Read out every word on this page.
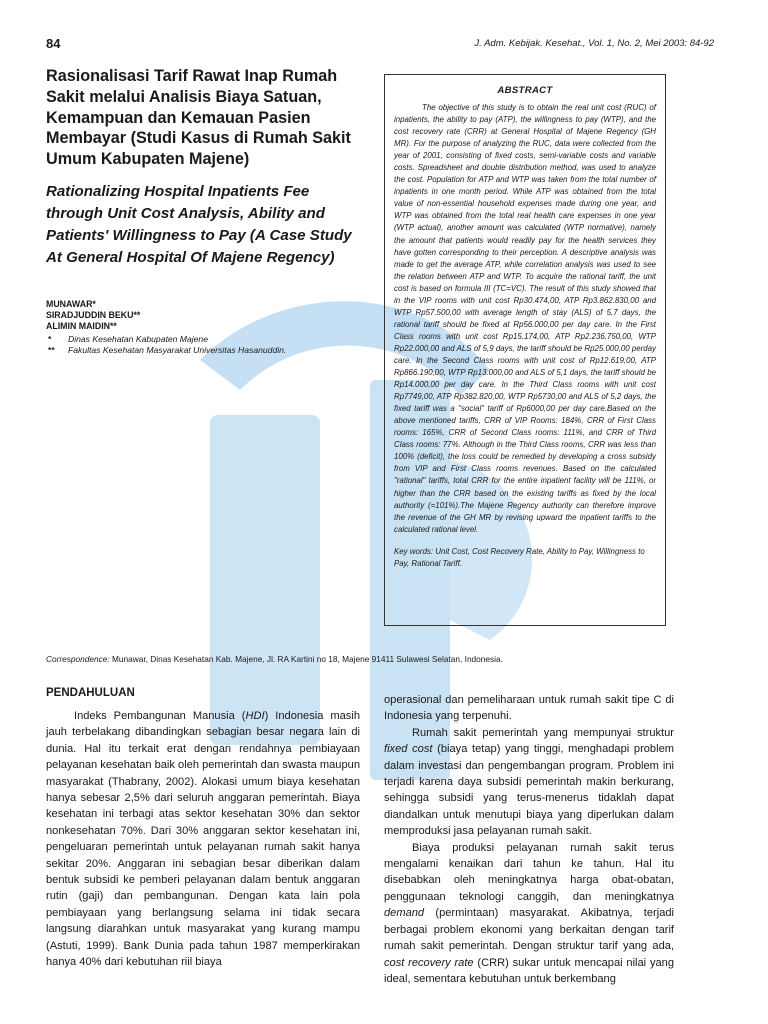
84	J. Adm. Kebijak. Kesehat., Vol. 1, No. 2, Mei 2003: 84-92
Rasionalisasi Tarif Rawat Inap Rumah Sakit melalui Analisis Biaya Satuan, Kemampuan dan Kemauan Pasien Membayar (Studi Kasus di Rumah Sakit Umum Kabupaten Majene)
Rationalizing Hospital Inpatients Fee through Unit Cost Analysis, Ability and Patients' Willingness to Pay (A Case Study At General Hospital Of Majene Regency)
MUNAWAR*
SIRADJUDDIN BEKU**
ALIMIN MAIDIN**
*	Dinas Kesehatan Kabupaten Majene
**	Fakultas Kesehatan Masyarakat Universitas Hasanuddin.
ABSTRACT

The objective of this study is to obtain the real unit cost (RUC) of inpatients, the ability to pay (ATP), the willingness to pay (WTP), and the cost recovery rate (CRR) at General Hospital of Majene Regency (GH MR). For the purpose of analyzing the RUC, data were collected from the year of 2001, consisting of fixed costs, semi-variable costs and variable costs. Spreadsheet and double distribution method, was used to analyze the cost. Population for ATP and WTP was taken from the total number of inpatients in one month period. While ATP was obtained from the total value of non-essential household expenses made during one year, and WTP was obtained from the total real health care expenses in one year (WTP actual), another amount was calculated (WTP normative), namely the amount that patients would readily pay for the health services they have gotten corresponding to their perception. A descriptive analysis was made to get the average ATP, while correlation analysis was used to see the relation between ATP and WTP. To acquire the rational tariff, the unit cost is based on formula III (TC=VC). The result of this study showed that in the VIP rooms with unit cost Rp30.474,00, ATP Rp3.862.830,00 and WTP Rp57.500,00 with average length of stay (ALS) of 5,7 days, the rational tariff should be fixed at Rp56.000,00 per day care. In the First Class rooms with unit cost Rp15.174,00, ATP Rp2.236.750,00, WTP Rp22.000,00 and ALS of 5,9 days, the tariff should be Rp25.000,00 perday care. In the Second Class rooms with unit cost of Rp12.619,00, ATP Rp866.190,00, WTP Rp13.000,00 and ALS of 5,1 days, the tariff should be Rp14.000,00 per day care. In the Third Class rooms with unit cost Rp7749,00, ATP Rp382.820,00, WTP Rp5730,00 and ALS of 5,2 days, the fixed tariff was a "social" tariff of Rp6000,00 per day care.Based on the above mentioned tariffs, CRR of VIP Rooms: 184%, CRR of First Class rooms: 165%, CRR of Second Class rooms: 111%, and CRR of Third Class rooms: 77%. Although in the Third Class rooms, CRR was less than 100% (deficit), the loss could be remedied by developing a cross subsidy from VIP and First Class rooms revenues. Based on the calculated "rational" tariffs, total CRR for the entire inpatient facility will be 111%, or higher than the CRR based on the existing tariffs as fixed by the local authority (=101%).The Majene Regency authority can therefore improve the revenue of the GH MR by revising upward the inpatient tariffs to the calculated rational level.

Key words: Unit Cost, Cost Recovery Rate, Ability to Pay, Willingness to Pay, Rational Tariff.
Correspondence: Munawar, Dinas Kesehatan Kab. Majene, Jl. RA Kartini no 18, Majene 91411 Sulawesi Selatan, Indonesia.
PENDAHULUAN

Indeks Pembangunan Manusia (HDI) Indonesia masih jauh terbelakang dibandingkan sebagian besar negara lain di dunia. Hal itu terkait erat dengan rendahnya pembiayaan pelayanan kesehatan baik oleh pemerintah dan swasta maupun masyarakat (Thabrany, 2002). Alokasi umum biaya kesehatan hanya sebesar 2,5% dari seluruh anggaran pemerintah. Biaya kesehatan ini terbagi atas sektor kesehatan 30% dan sektor nonkesehatan 70%. Dari 30% anggaran sektor kesehatan ini, pengeluaran pemerintah untuk pelayanan rumah sakit hanya sekitar 20%. Anggaran ini sebagian besar diberikan dalam bentuk subsidi ke pemberi pelayanan dalam bentuk anggaran rutin (gaji) dan pembangunan. Dengan kata lain pola pembiayaan yang berlangsung selama ini tidak secara langsung diarahkan untuk masyarakat yang kurang mampu (Astuti, 1999). Bank Dunia pada tahun 1987 memperkirakan hanya 40% dari kebutuhan riil biaya

operasional dan pemeliharaan untuk rumah sakit tipe C di Indonesia yang terpenuhi.

Rumah sakit pemerintah yang mempunyai struktur fixed cost (biaya tetap) yang tinggi, menghadapi problem dalam investasi dan pengembangan program. Problem ini terjadi karena daya subsidi pemerintah makin berkurang, sehingga subsidi yang terus-menerus tidaklah dapat diandalkan untuk menutupi biaya yang diperlukan dalam memproduksi jasa pelayanan rumah sakit.

Biaya produksi pelayanan rumah sakit terus mengalami kenaikan dari tahun ke tahun. Hal itu disebabkan oleh meningkatnya harga obat-obatan, penggunaan teknologi canggih, dan meningkatnya demand (permintaan) masyarakat. Akibatnya, terjadi berbagai problem ekonomi yang berkaitan dengan tarif rumah sakit pemerintah. Dengan struktur tarif yang ada, cost recovery rate (CRR) sukar untuk mencapai nilai yang ideal, sementara kebutuhan untuk berkembang
